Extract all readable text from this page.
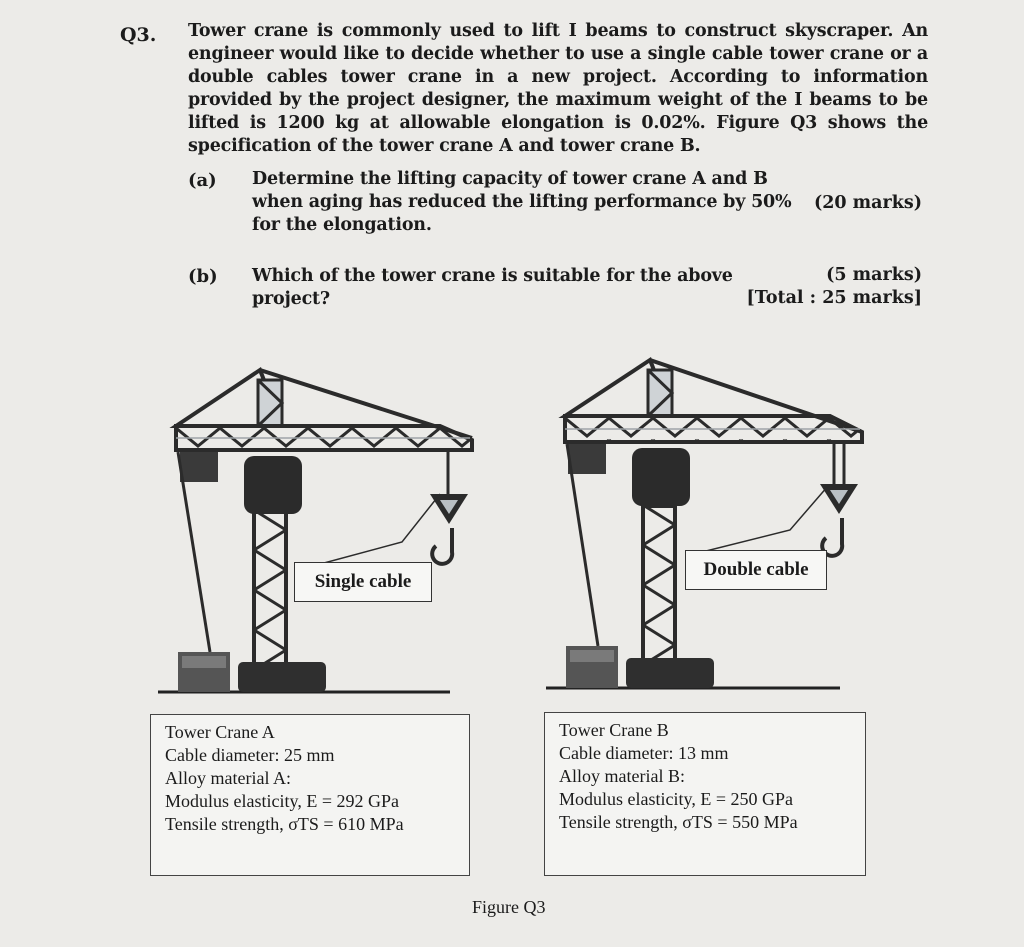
Q3. Tower crane is commonly used to lift I beams to construct skyscraper. An engineer would like to decide whether to use a single cable tower crane or a double cables tower crane in a new project. According to information provided by the project designer, the maximum weight of the I beams to be lifted is 1200 kg at allowable elongation is 0.02%. Figure Q3 shows the specification of the tower crane A and tower crane B.
(a) Determine the lifting capacity of tower crane A and B when aging has reduced the lifting performance by 50% for the elongation.
(20 marks)
(b) Which of the tower crane is suitable for the above project?
(5 marks)
[Total : 25 marks]
Single cable
Double cable
Tower Crane A
Cable diameter: 25 mm
Alloy material A:
Modulus elasticity, E = 292 GPa
Tensile strength, σTS = 610 MPa
Tower Crane B
Cable diameter: 13 mm
Alloy material B:
Modulus elasticity, E = 250 GPa
Tensile strength, σTS = 550 MPa
Figure Q3
